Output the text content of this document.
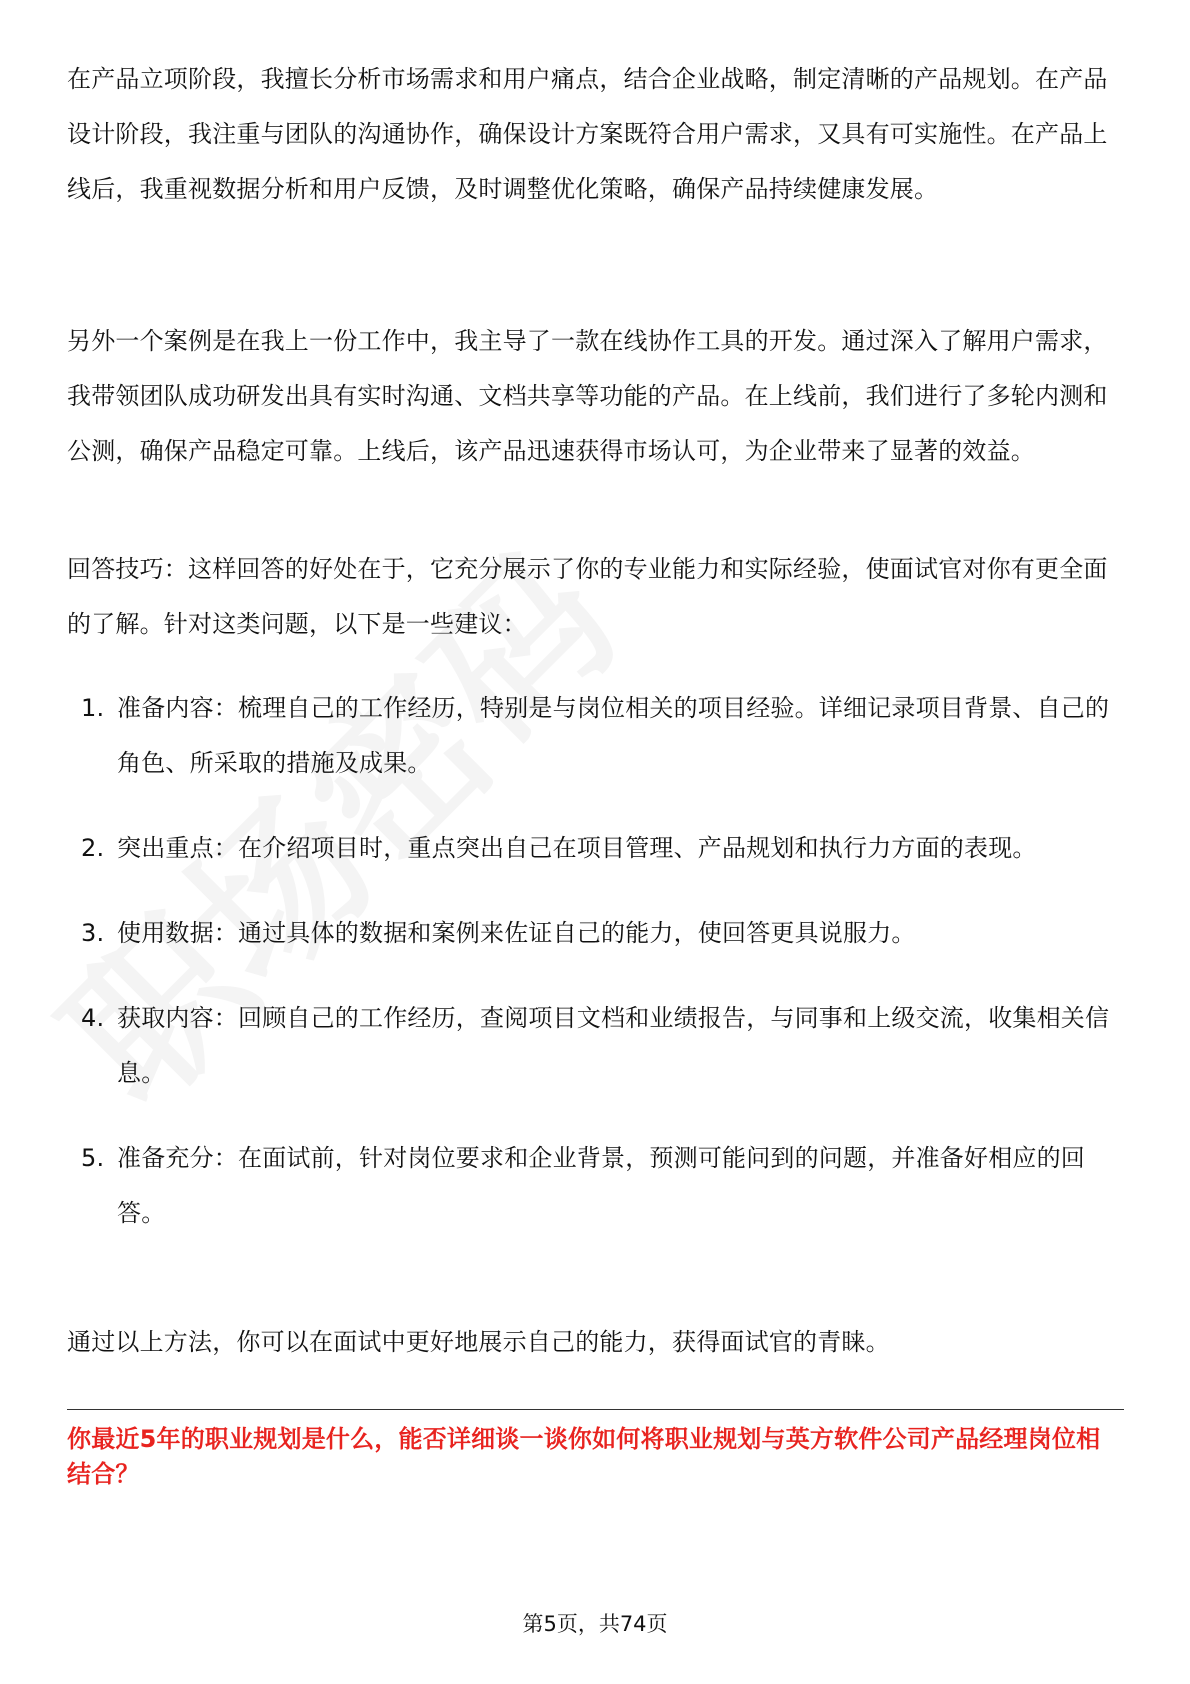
在产品立项阶段，我擅长分析市场需求和用户痛点，结合企业战略，制定清晰的产品规划。在产品设计阶段，我注重与团队的沟通协作，确保设计方案既符合用户需求，又具有可实施性。在产品上线后，我重视数据分析和用户反馈，及时调整优化策略，确保产品持续健康发展。

另外一个案例是在我上一份工作中，我主导了一款在线协作工具的开发。通过深入了解用户需求，我带领团队成功研发出具有实时沟通、文档共享等功能的产品。在上线前，我们进行了多轮内测和公测，确保产品稳定可靠。上线后，该产品迅速获得市场认可，为企业带来了显著的效益。

回答技巧：这样回答的好处在于，它充分展示了你的专业能力和实际经验，使面试官对你有更全面的了解。针对这类问题，以下是一些建议：

1. 准备内容：梳理自己的工作经历，特别是与岗位相关的项目经验。详细记录项目背景、自己的角色、所采取的措施及成果。
2. 突出重点：在介绍项目时，重点突出自己在项目管理、产品规划和执行力方面的表现。
3. 使用数据：通过具体的数据和案例来佐证自己的能力，使回答更具说服力。
4. 获取内容：回顾自己的工作经历，查阅项目文档和业绩报告，与同事和上级交流，收集相关信息。
5. 准备充分：在面试前，针对岗位要求和企业背景，预测可能问到的问题，并准备好相应的回答。

通过以上方法，你可以在面试中更好地展示自己的能力，获得面试官的青睐。

你最近5年的职业规划是什么，能否详细谈一谈你如何将职业规划与英方软件公司产品经理岗位相结合？

第5页，共74页
